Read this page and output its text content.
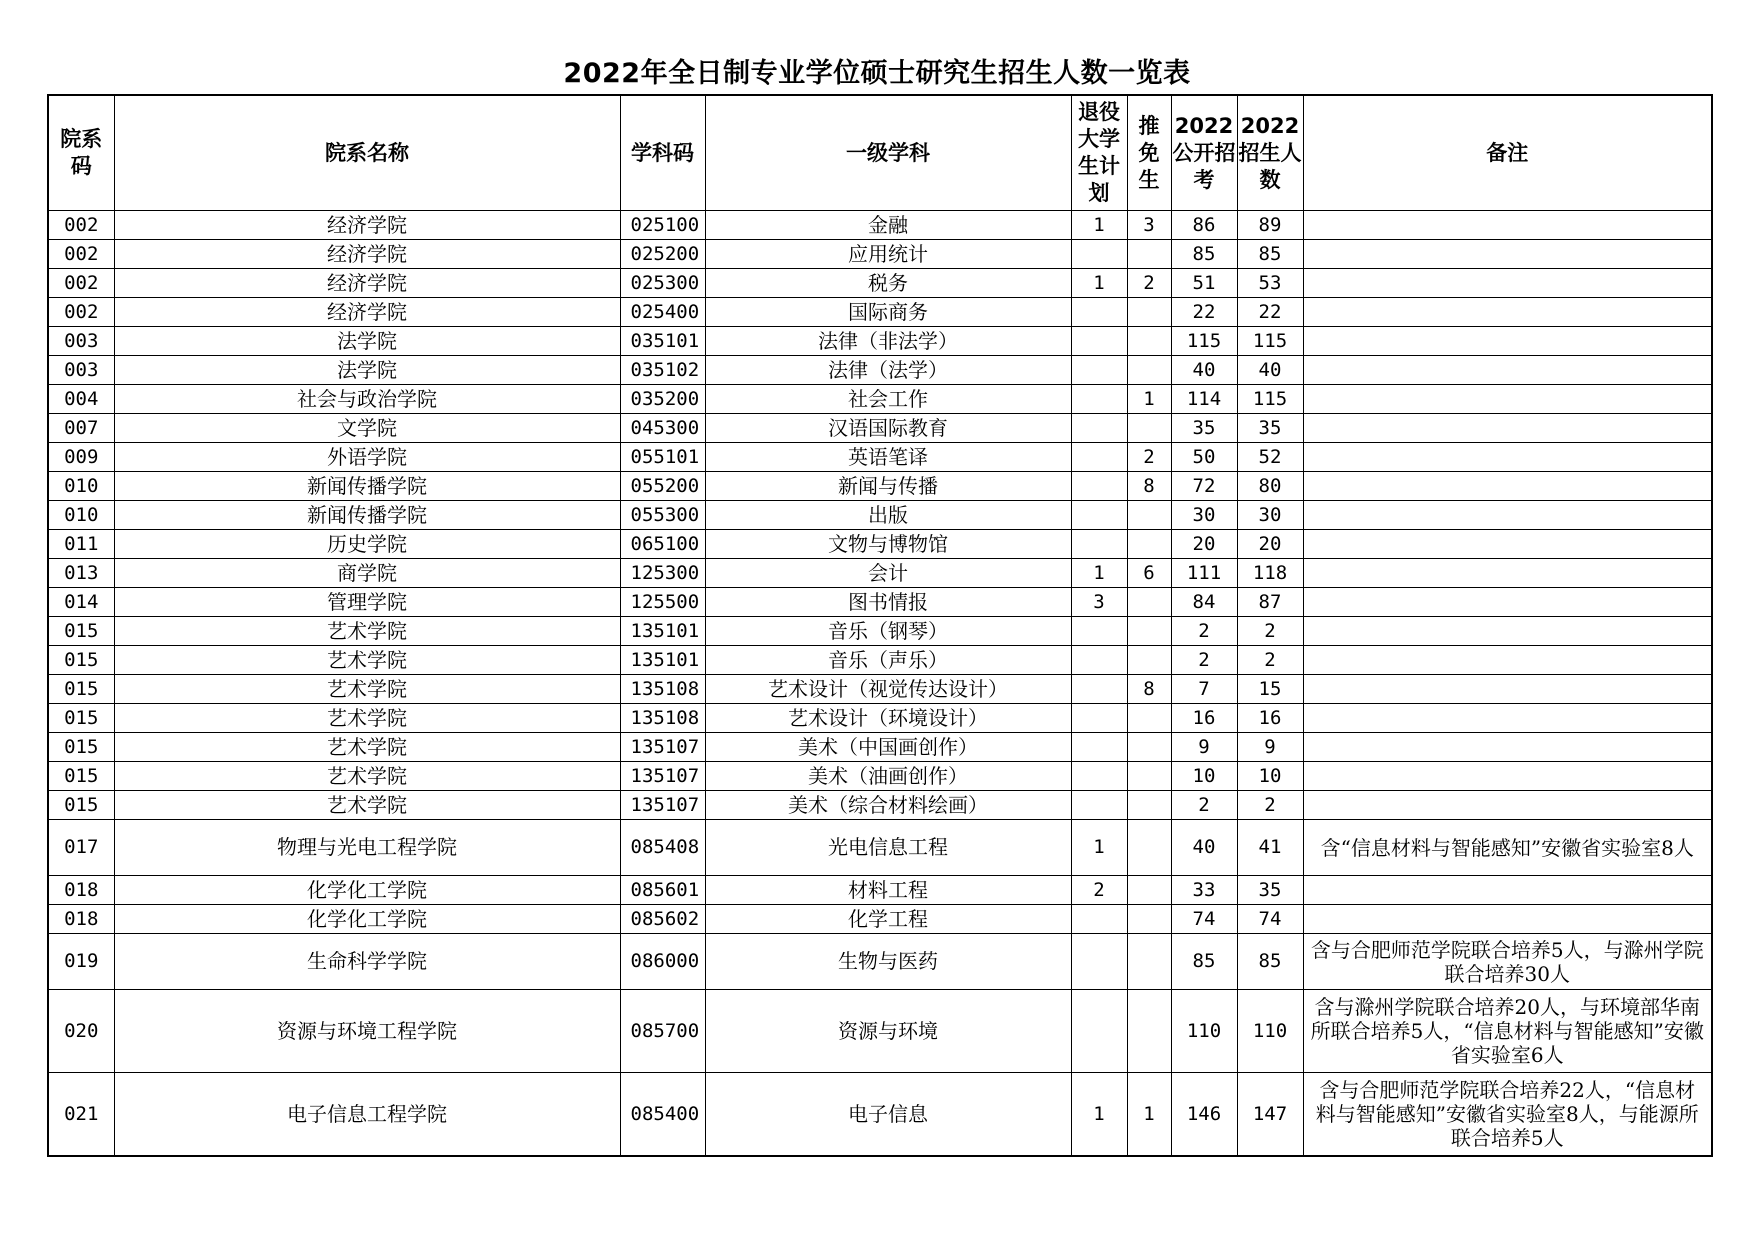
2022年全日制专业学位硕士研究生招生人数一览表
院系码	院系名称	学科码	一级学科	退役大学生计划	推免生	2022公开招考	2022招生人数	备注
002	经济学院	025100	金融	1	3	86	89	
002	经济学院	025200	应用统计			85	85	
002	经济学院	025300	税务	1	2	51	53	
002	经济学院	025400	国际商务			22	22	
003	法学院	035101	法律（非法学）			115	115	
003	法学院	035102	法律（法学）			40	40	
004	社会与政治学院	035200	社会工作		1	114	115	
007	文学院	045300	汉语国际教育			35	35	
009	外语学院	055101	英语笔译		2	50	52	
010	新闻传播学院	055200	新闻与传播		8	72	80	
010	新闻传播学院	055300	出版			30	30	
011	历史学院	065100	文物与博物馆			20	20	
013	商学院	125300	会计	1	6	111	118	
014	管理学院	125500	图书情报	3		84	87	
015	艺术学院	135101	音乐（钢琴）			2	2	
015	艺术学院	135101	音乐（声乐）			2	2	
015	艺术学院	135108	艺术设计（视觉传达设计）		8	7	15	
015	艺术学院	135108	艺术设计（环境设计）			16	16	
015	艺术学院	135107	美术（中国画创作）			9	9	
015	艺术学院	135107	美术（油画创作）			10	10	
015	艺术学院	135107	美术（综合材料绘画）			2	2	
017	物理与光电工程学院	085408	光电信息工程	1		40	41	含“信息材料与智能感知”安徽省实验室8人
018	化学化工学院	085601	材料工程	2		33	35	
018	化学化工学院	085602	化学工程			74	74	
019	生命科学学院	086000	生物与医药			85	85	含与合肥师范学院联合培养5人，与滁州学院联合培养30人
020	资源与环境工程学院	085700	资源与环境			110	110	含与滁州学院联合培养20人，与环境部华南所联合培养5人，“信息材料与智能感知”安徽省实验室6人
021	电子信息工程学院	085400	电子信息	1	1	146	147	含与合肥师范学院联合培养22人，“信息材料与智能感知”安徽省实验室8人，与能源所联合培养5人
